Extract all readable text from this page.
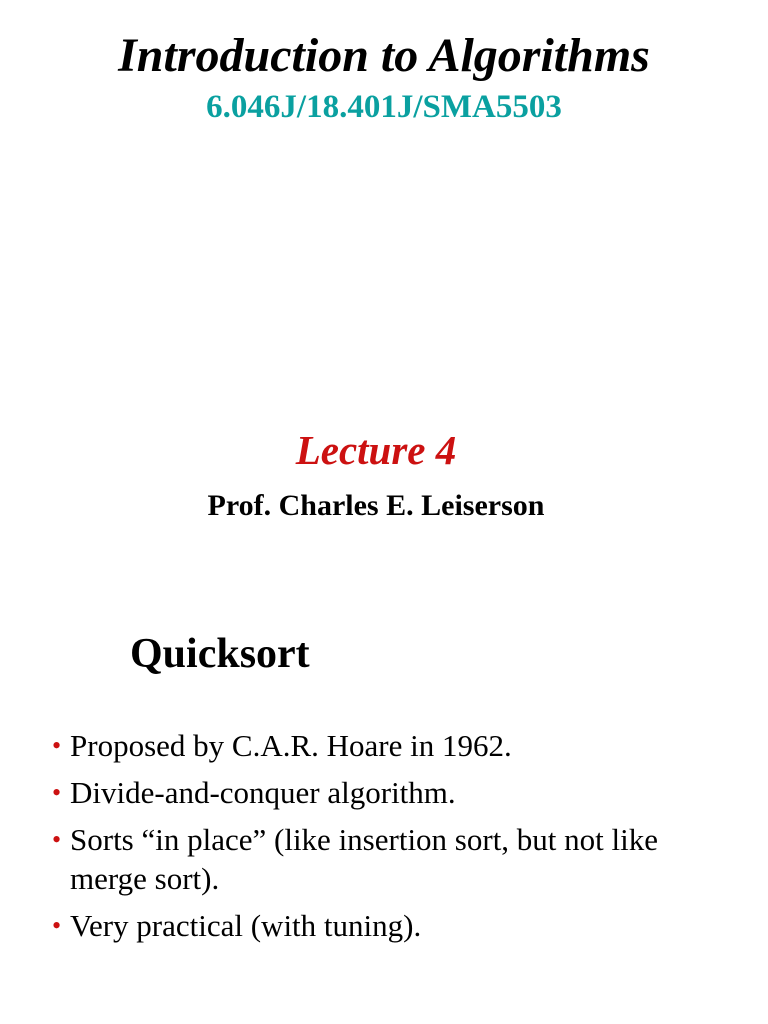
Introduction to Algorithms
6.046J/18.401J/SMA5503
Lecture 4
Prof. Charles E. Leiserson
Quicksort
• Proposed by C.A.R. Hoare in 1962.
• Divide-and-conquer algorithm.
• Sorts “in place” (like insertion sort, but not like merge sort).
• Very practical (with tuning).
